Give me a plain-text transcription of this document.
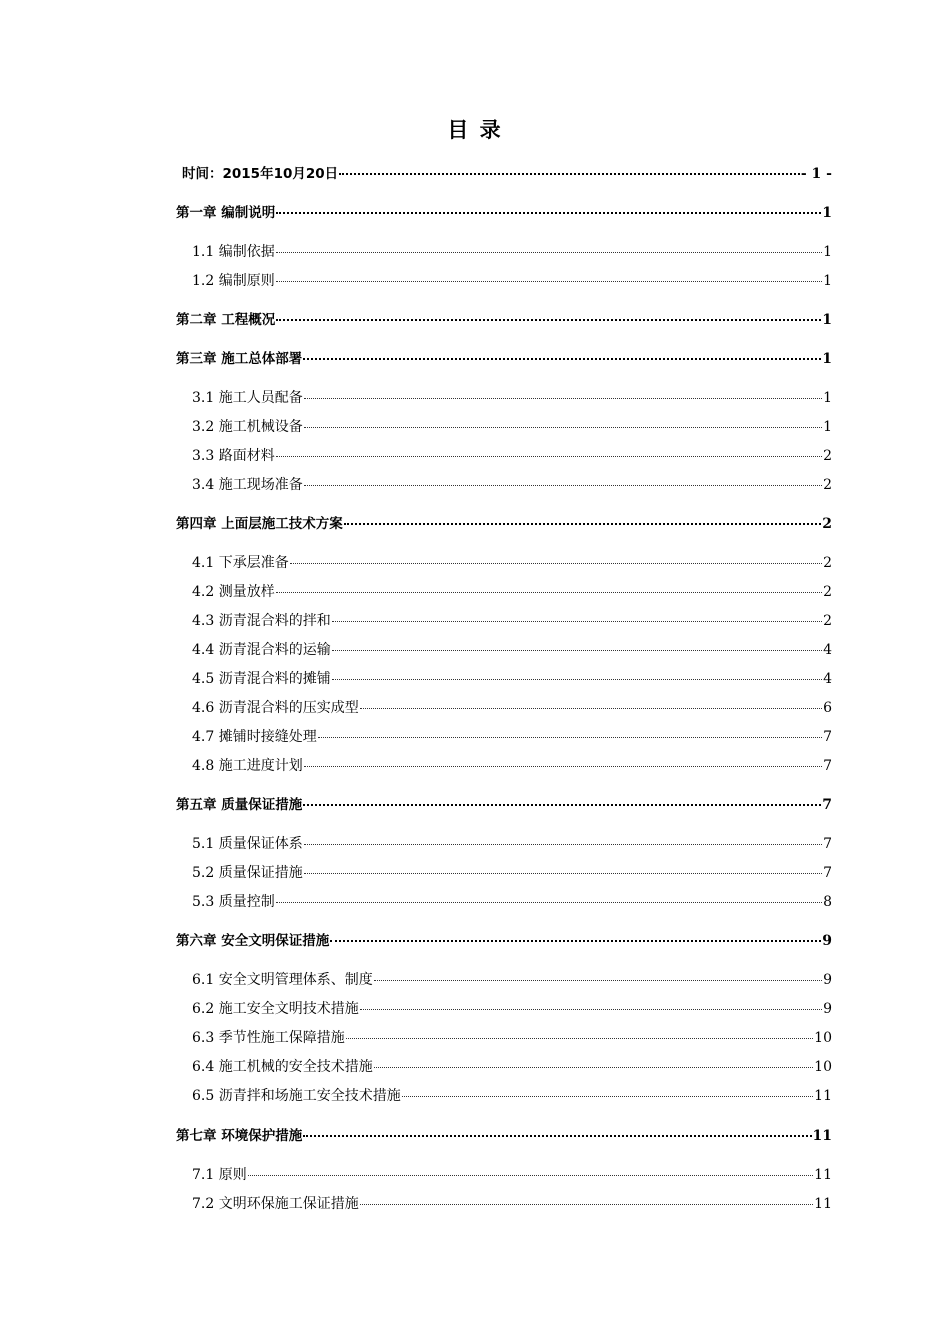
目 录
时间：2015年10月20日	- 1 -
第一章 编制说明	1
1.1 编制依据	1
1.2 编制原则	1
第二章 工程概况	1
第三章 施工总体部署	1
3.1 施工人员配备	1
3.2 施工机械设备	1
3.3 路面材料	2
3.4 施工现场准备	2
第四章 上面层施工技术方案	2
4.1 下承层准备	2
4.2 测量放样	2
4.3 沥青混合料的拌和	2
4.4 沥青混合料的运输	4
4.5 沥青混合料的摊铺	4
4.6 沥青混合料的压实成型	6
4.7 摊铺时接缝处理	7
4.8 施工进度计划	7
第五章 质量保证措施	7
5.1 质量保证体系	7
5.2 质量保证措施	7
5.3 质量控制	8
第六章 安全文明保证措施	9
6.1 安全文明管理体系、制度	9
6.2 施工安全文明技术措施	9
6.3 季节性施工保障措施	10
6.4 施工机械的安全技术措施	10
6.5 沥青拌和场施工安全技术措施	11
第七章 环境保护措施	11
7.1 原则	11
7.2 文明环保施工保证措施	11
